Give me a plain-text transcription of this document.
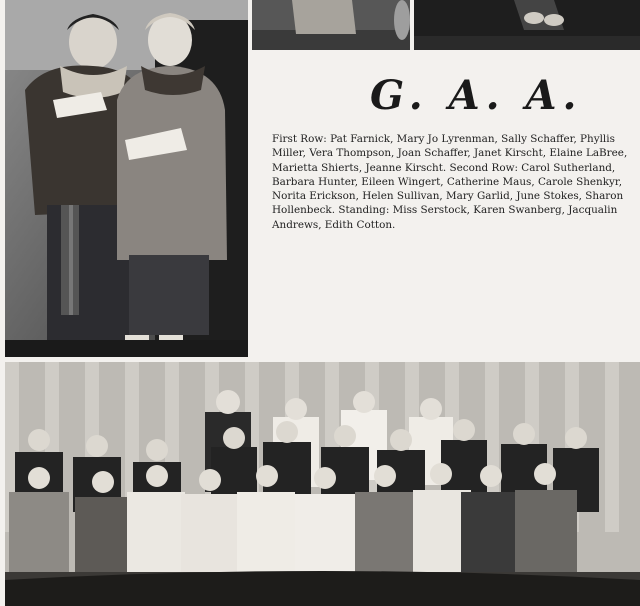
G. A. A.

First Row: Pat Farnick, Mary Jo Lyrenman, Sally Schaffer, Phyllis Miller, Vera Thompson, Joan Schaffer, Janet Kirscht, Elaine LaBree, Marietta Shierts, Jeanne Kirscht. Second Row: Carol Sutherland, Barbara Hunter, Eileen Wingert, Catherine Maus, Carole Shenkyr, Norita Erickson, Helen Sullivan, Mary Garlid, June Stokes, Sharon Hollenbeck. Standing: Miss Serstock, Karen Swanberg, Jacqualin Andrews, Edith Cotton.
